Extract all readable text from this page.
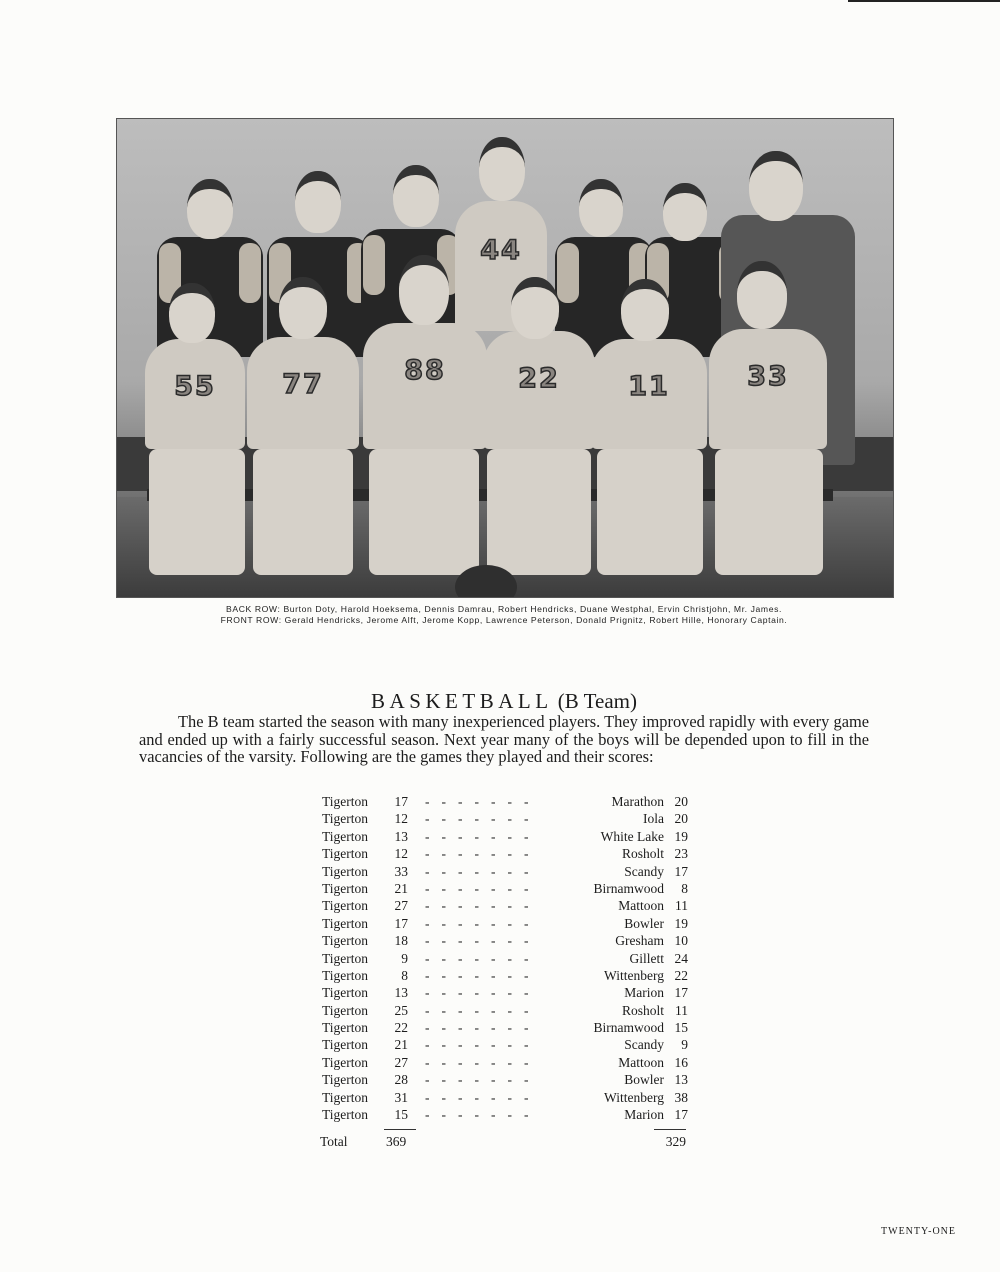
44
55	77	88	22	11	33
BACK ROW: Burton Doty, Harold Hoeksema, Dennis Damrau, Robert Hendricks, Duane Westphal, Ervin Christjohn, Mr. James.
FRONT ROW: Gerald Hendricks, Jerome Alft, Jerome Kopp, Lawrence Peterson, Donald Prignitz, Robert Hille, Honorary Captain.
BASKETBALL (B Team)
The B team started the season with many inexperienced players. They improved rapidly with every game and ended up with a fairly successful season. Next year many of the boys will be depended upon to fill in the vacancies of the varsity. Following are the games they played and their scores:
Tigerton	17	Marathon 20
-------
Tigerton	12	Iola 20
-------
Tigerton	13	White Lake 19
-------
Tigerton	12	Rosholt 23
-------
Tigerton	33	Scandy 17
-------
Tigerton	21	Birnamwood	8
-------
Tigerton	27	Mattoon 11
-------
Tigerton	17	Bowler 19
-------
Tigerton	18	Gresham 10
-------
Tigerton	9	Gillett 24
-------
Tigerton	8	Wittenberg 22
-------
Tigerton	13	Marion 17
-------
Tigerton	25	Rosholt 11
-------
Tigerton	22	Birnamwood 15
-------
Tigerton	21	Scandy	9
-------
Tigerton	27	Mattoon 16
-------
Tigerton	28	Bowler 13
-------
Tigerton	31	Wittenberg 38
-------
Tigerton	15	Marion 17
-------
Total	369	329
TWENTY-ONE
